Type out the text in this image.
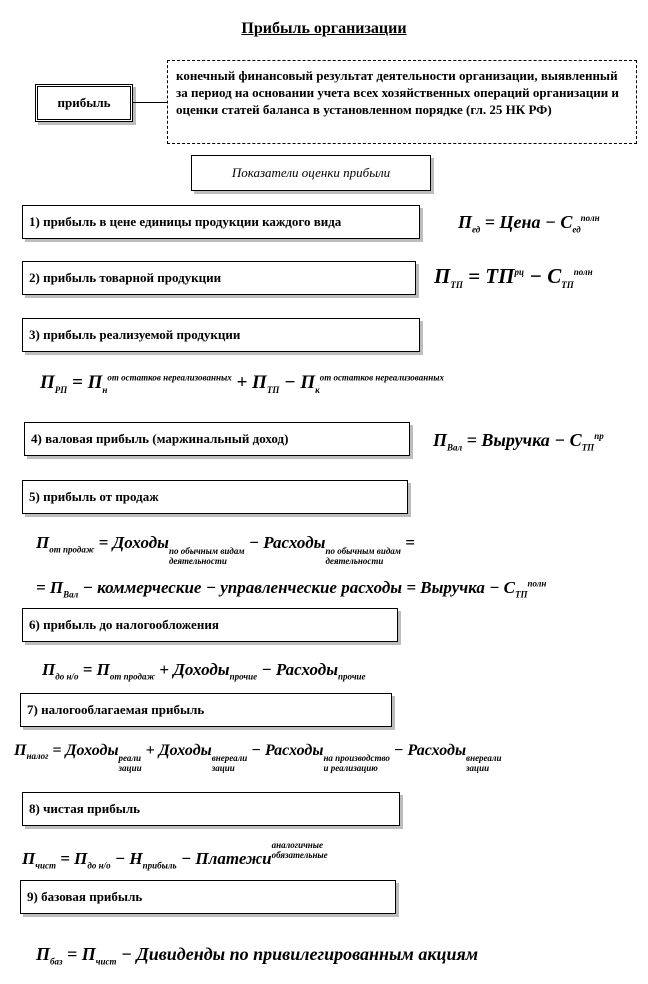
Прибыль организации
прибыль
конечный финансовый результат деятельности организации, выявленный за период на основании учета всех хозяйственных операций организации и оценки статей баланса в установленном порядке (гл. 25 НК РФ)
Показатели оценки прибыли
1) прибыль в цене единицы продукции каждого вида
2) прибыль товарной продукции
3) прибыль реализуемой продукции
4) валовая прибыль (маржинальный доход)
5) прибыль от продаж
6) прибыль до налогообложения
7) налогооблагаемая прибыль
8) чистая прибыль
9) базовая прибыль
$П_{ед}$ = Цена − $С_{ед}^{полн}$
$П_{ТП} = ТП^{рц} - С_{ТП}^{полн}$
$П_{РП} = П_н^{от остатков нереализованных} + П_{ТП} - П_к^{от остатков нереализованных}$
$П_{Вал}$ = Выручка − $С_{ТП}^{пр}$
$П_{от продаж}$ = Доходыпо обычным видам
деятельности − Расходыпо обычным видам
деятельности =
= $П_{Вал}$ − коммерческие − управленческие расходы = Выручка − $С_{ТП}^{полн}$
$П_{до н/о} = П_{от продаж}$ + Доходы$_{прочие}$ − Расходы$_{прочие}$
$П_{налог}$ = Доходыреали
зации + Доходывнереали
зации − Расходына производство
и реализацию − Расходывнереали
зации
$П_{чист} = П_{до н/о} - Н_{прибыль}$ − Платежианалогичные
обязательные
$П_{баз} = П_{чист}$ − Дивиденды по привилегированным акциям
